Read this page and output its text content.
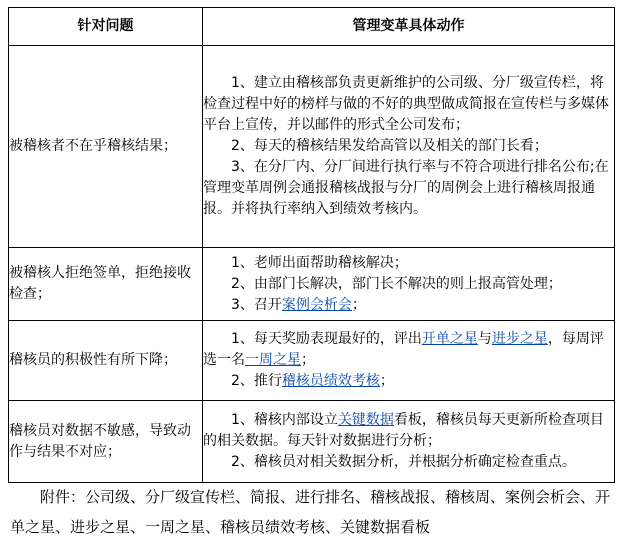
针对问题	管理变革具体动作
被稽核者不在乎稽核结果；	1、建立由稽核部负责更新维护的公司级、分厂级宣传栏，将检查过程中好的榜样与做的不好的典型做成简报在宣传栏与多媒体平台上宣传，并以邮件的形式全公司发布；

2、每天的稽核结果发给高管以及相关的部门长看；

3、在分厂内、分厂间进行执行率与不符合项进行排名公布;在管理变革周例会通报稽核战报与分厂的周例会上进行稽核周报通报。并将执行率纳入到绩效考核内。

被稽核人拒绝签单，拒绝接收检查；	1、老师出面帮助稽核解决；

2、由部门长解决，部门长不解决的则上报高管处理；

3、召开案例会析会；

稽核员的积极性有所下降；	1、每天奖励表现最好的，评出开单之星与进步之星，每周评选一名一周之星；

2、推行稽核员绩效考核；

稽核员对数据不敏感，导致动作与结果不对应；	1、稽核内部设立关键数据看板，稽核员每天更新所检查项目的相关数据。每天针对数据进行分析；

2、稽核员对相关数据分析，并根据分析确定检查重点。

附件：公司级、分厂级宣传栏、简报、进行排名、稽核战报、稽核周、案例会析会、开单之星、进步之星、一周之星、稽核员绩效考核、关键数据看板
